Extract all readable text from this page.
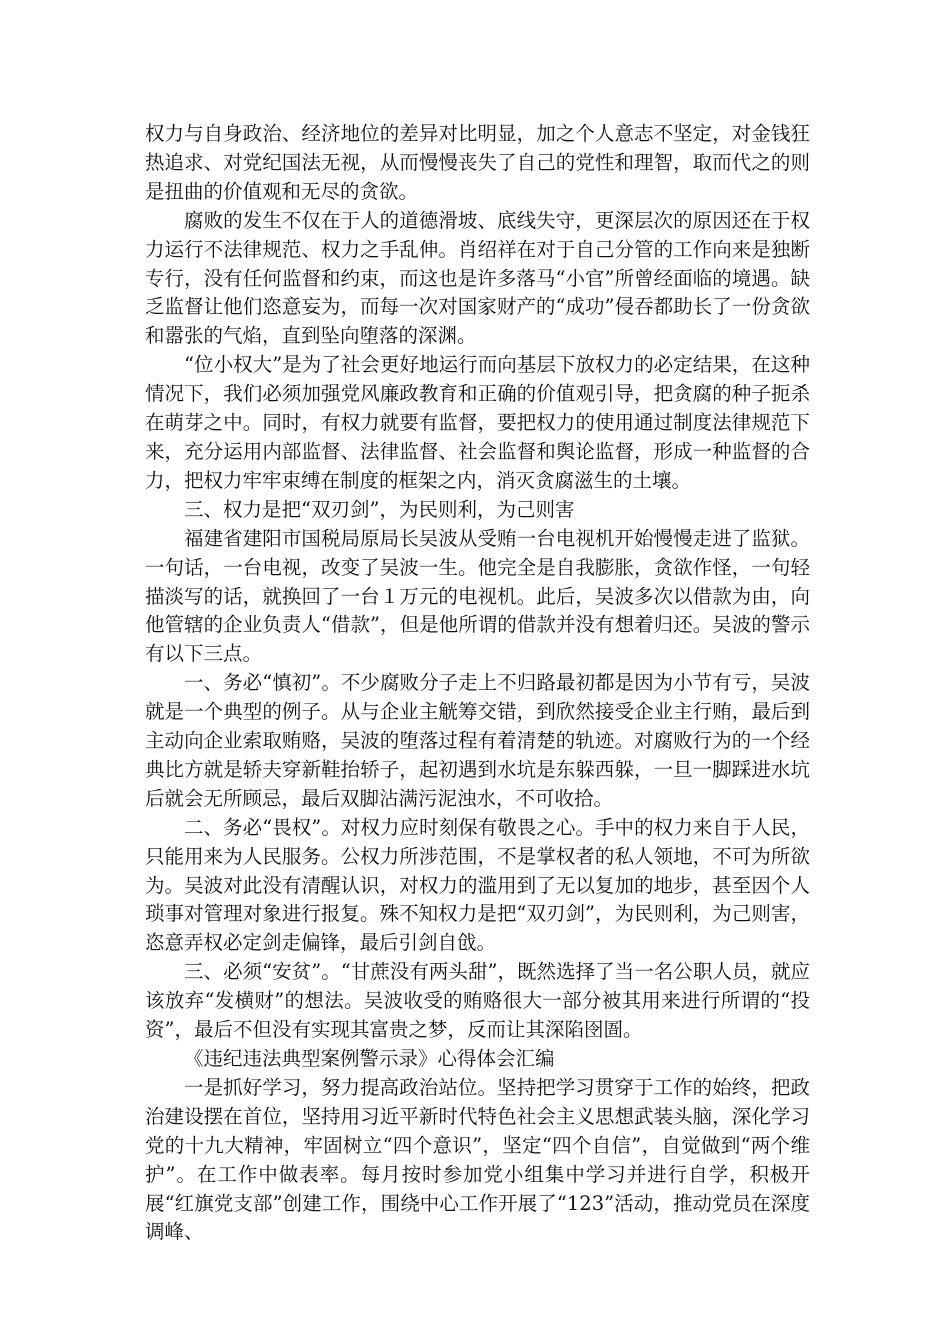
权力与自身政治、经济地位的差异对比明显，加之个人意志不坚定，对金钱狂热追求、对党纪国法无视，从而慢慢丧失了自己的党性和理智，取而代之的则是扭曲的价值观和无尽的贪欲。

腐败的发生不仅在于人的道德滑坡、底线失守，更深层次的原因还在于权力运行不法律规范、权力之手乱伸。肖绍祥在对于自己分管的工作向来是独断专行，没有任何监督和约束，而这也是许多落马“小官”所曾经面临的境遇。缺乏监督让他们恣意妄为，而每一次对国家财产的“成功”侵吞都助长了一份贪欲和嚣张的气焰，直到坠向堕落的深渊。

“位小权大”是为了社会更好地运行而向基层下放权力的必定结果，在这种情况下，我们必须加强党风廉政教育和正确的价值观引导，把贪腐的种子扼杀在萌芽之中。同时，有权力就要有监督，要把权力的使用通过制度法律规范下来，充分运用内部监督、法律监督、社会监督和舆论监督，形成一种监督的合力，把权力牢牢束缚在制度的框架之内，消灭贪腐滋生的土壤。

三、权力是把“双刃剑”，为民则利，为己则害

福建省建阳市国税局原局长吴波从受贿一台电视机开始慢慢走进了监狱。一句话，一台电视，改变了吴波一生。他完全是自我膨胀，贪欲作怪，一句轻描淡写的话，就换回了一台１万元的电视机。此后，吴波多次以借款为由，向他管辖的企业负责人“借款”，但是他所谓的借款并没有想着归还。吴波的警示有以下三点。

一、务必“慎初”。不少腐败分子走上不归路最初都是因为小节有亏，吴波就是一个典型的例子。从与企业主觥筹交错，到欣然接受企业主行贿，最后到主动向企业索取贿赂，吴波的堕落过程有着清楚的轨迹。对腐败行为的一个经典比方就是轿夫穿新鞋抬轿子，起初遇到水坑是东躲西躲，一旦一脚踩进水坑后就会无所顾忌，最后双脚沾满污泥浊水，不可收拾。

二、务必“畏权”。对权力应时刻保有敬畏之心。手中的权力来自于人民，只能用来为人民服务。公权力所涉范围，不是掌权者的私人领地，不可为所欲为。吴波对此没有清醒认识，对权力的滥用到了无以复加的地步，甚至因个人琐事对管理对象进行报复。殊不知权力是把“双刃剑”，为民则利，为己则害，恣意弄权必定剑走偏锋，最后引剑自戗。

三、必须“安贫”。“甘蔗没有两头甜”，既然选择了当一名公职人员，就应该放弃“发横财”的想法。吴波收受的贿赂很大一部分被其用来进行所谓的“投资”，最后不但没有实现其富贵之梦，反而让其深陷囹圄。

《违纪违法典型案例警示录》心得体会汇编

一是抓好学习，努力提高政治站位。坚持把学习贯穿于工作的始终，把政治建设摆在首位，坚持用习近平新时代特色社会主义思想武装头脑，深化学习党的十九大精神，牢固树立“四个意识”，坚定“四个自信”，自觉做到“两个维护”。在工作中做表率。每月按时参加党小组集中学习并进行自学，积极开展“红旗党支部”创建工作，围绕中心工作开展了“123”活动，推动党员在深度调峰、
